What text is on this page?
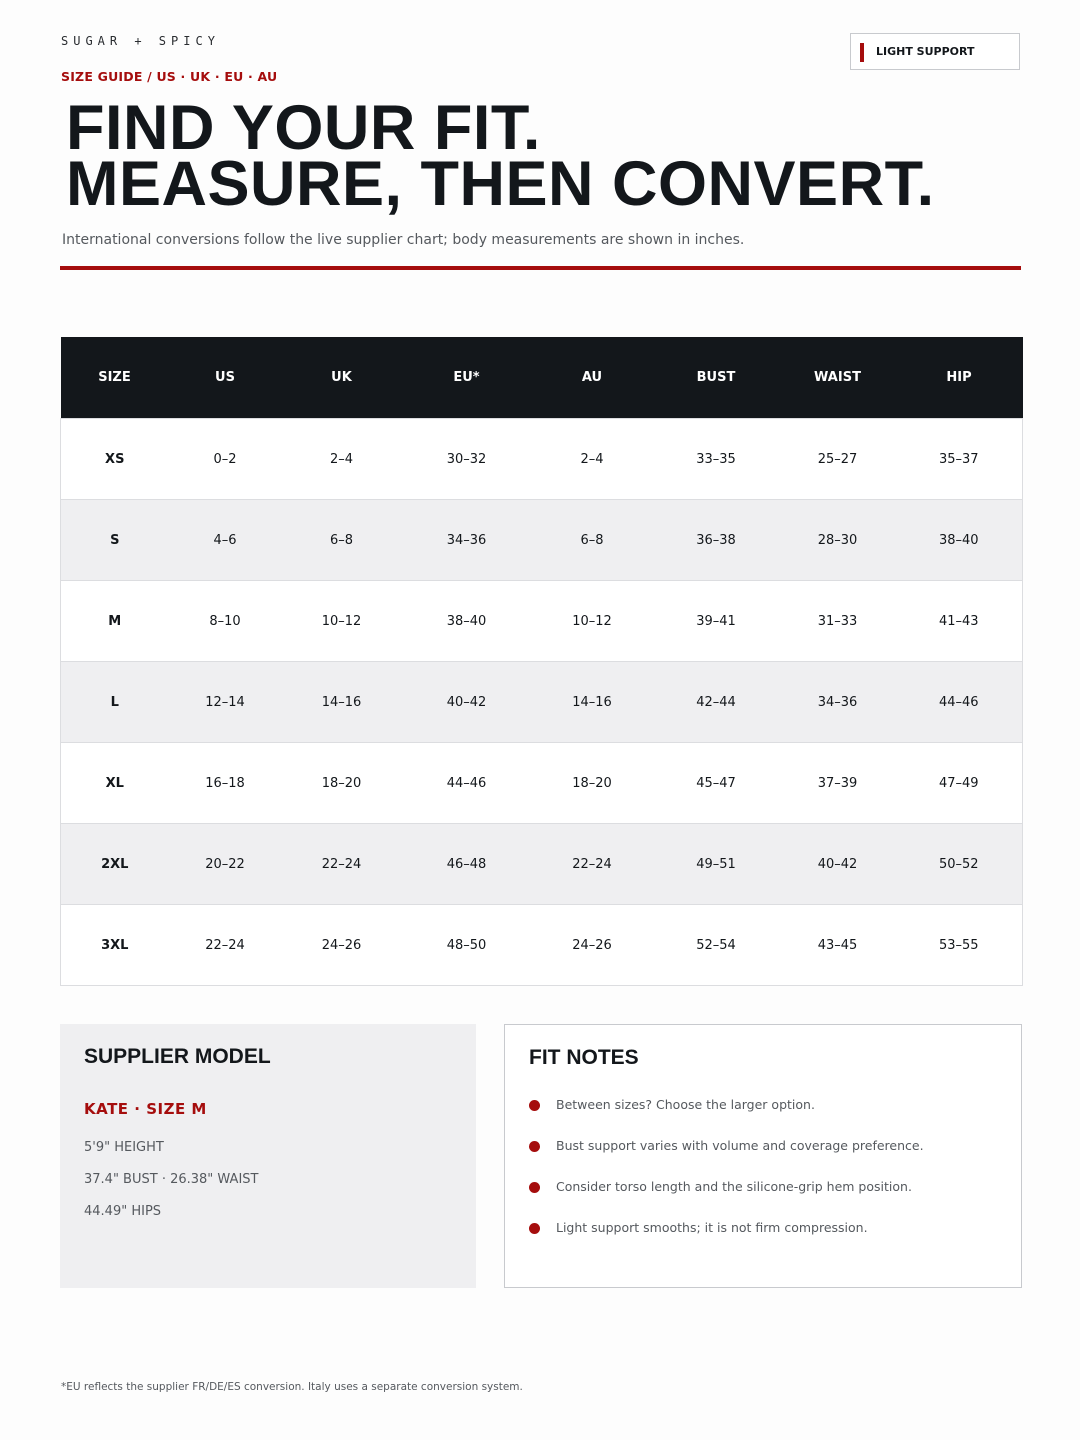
SUGAR + SPICY
SIZE GUIDE / US · UK · EU · AU
LIGHT SUPPORT
FIND YOUR FIT.
MEASURE, THEN CONVERT.
International conversions follow the live supplier chart; body measurements are shown in inches.
SIZE	US	UK	EU*	AU	BUST	WAIST	HIP
XS	0–2	2–4	30–32	2–4	33–35	25–27	35–37
S	4–6	6–8	34–36	6–8	36–38	28–30	38–40
M	8–10	10–12	38–40	10–12	39–41	31–33	41–43
L	12–14	14–16	40–42	14–16	42–44	34–36	44–46
XL	16–18	18–20	44–46	18–20	45–47	37–39	47–49
2XL	20–22	22–24	46–48	22–24	49–51	40–42	50–52
3XL	22–24	24–26	48–50	24–26	52–54	43–45	53–55
SUPPLIER MODEL
KATE · SIZE M
5'9" HEIGHT
37.4" BUST · 26.38" WAIST
44.49" HIPS
FIT NOTES
Between sizes? Choose the larger option.
Bust support varies with volume and coverage preference.
Consider torso length and the silicone-grip hem position.
Light support smooths; it is not firm compression.
*EU reflects the supplier FR/DE/ES conversion. Italy uses a separate conversion system.
